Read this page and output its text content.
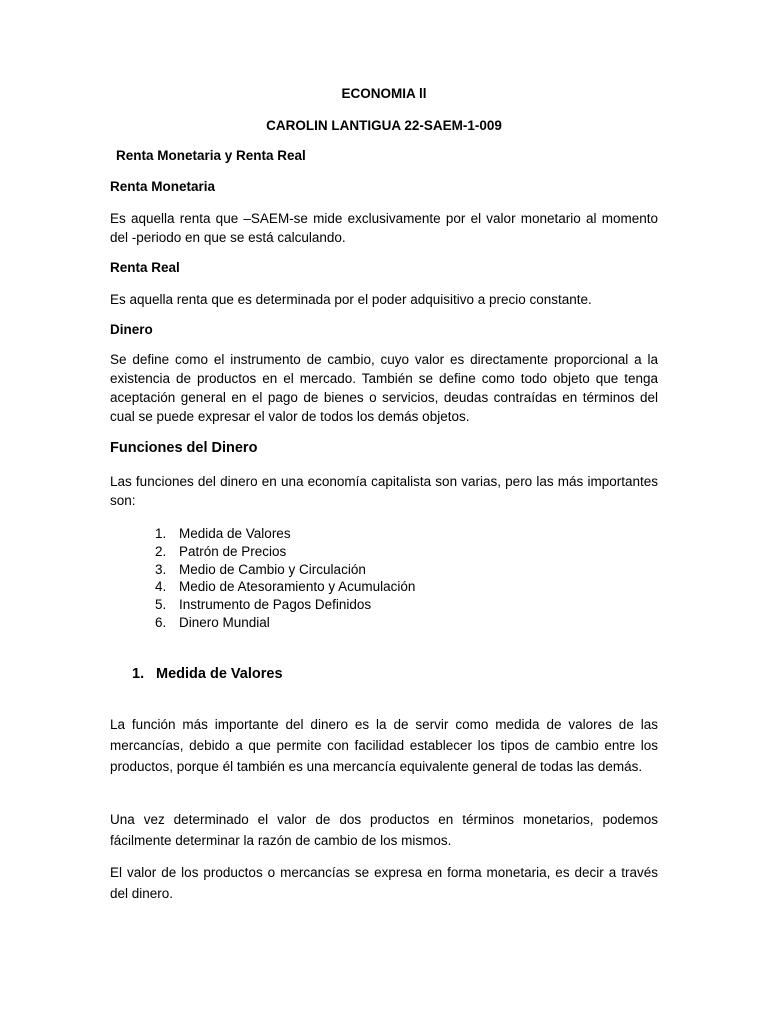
ECONOMIA ll

CAROLIN LANTIGUA 22-SAEM-1-009

Renta Monetaria y Renta Real

Renta Monetaria

Es aquella renta que –SAEM-se mide exclusivamente por el valor monetario al momento del -periodo en que se está calculando.

Renta Real

Es aquella renta que es determinada por el poder adquisitivo a precio constante.

Dinero

Se define como el instrumento de cambio, cuyo valor es directamente proporcional a la existencia de productos en el mercado. También se define como todo objeto que tenga aceptación general en el pago de bienes o servicios, deudas contraídas en términos del cual se puede expresar el valor de todos los demás objetos.

Funciones del Dinero

Las funciones del dinero en una economía capitalista son varias, pero las más importantes son:

1. Medida de Valores
2. Patrón de Precios
3. Medio de Cambio y Circulación
4. Medio de Atesoramiento y Acumulación
5. Instrumento de Pagos Definidos
6. Dinero Mundial

1. Medida de Valores

La función más importante del dinero es la de servir como medida de valores de las mercancías, debido a que permite con facilidad establecer los tipos de cambio entre los productos, porque él también es una mercancía equivalente general de todas las demás.

Una vez determinado el valor de dos productos en términos monetarios, podemos fácilmente determinar la razón de cambio de los mismos.

El valor de los productos o mercancías se expresa en forma monetaria, es decir a través del dinero.
